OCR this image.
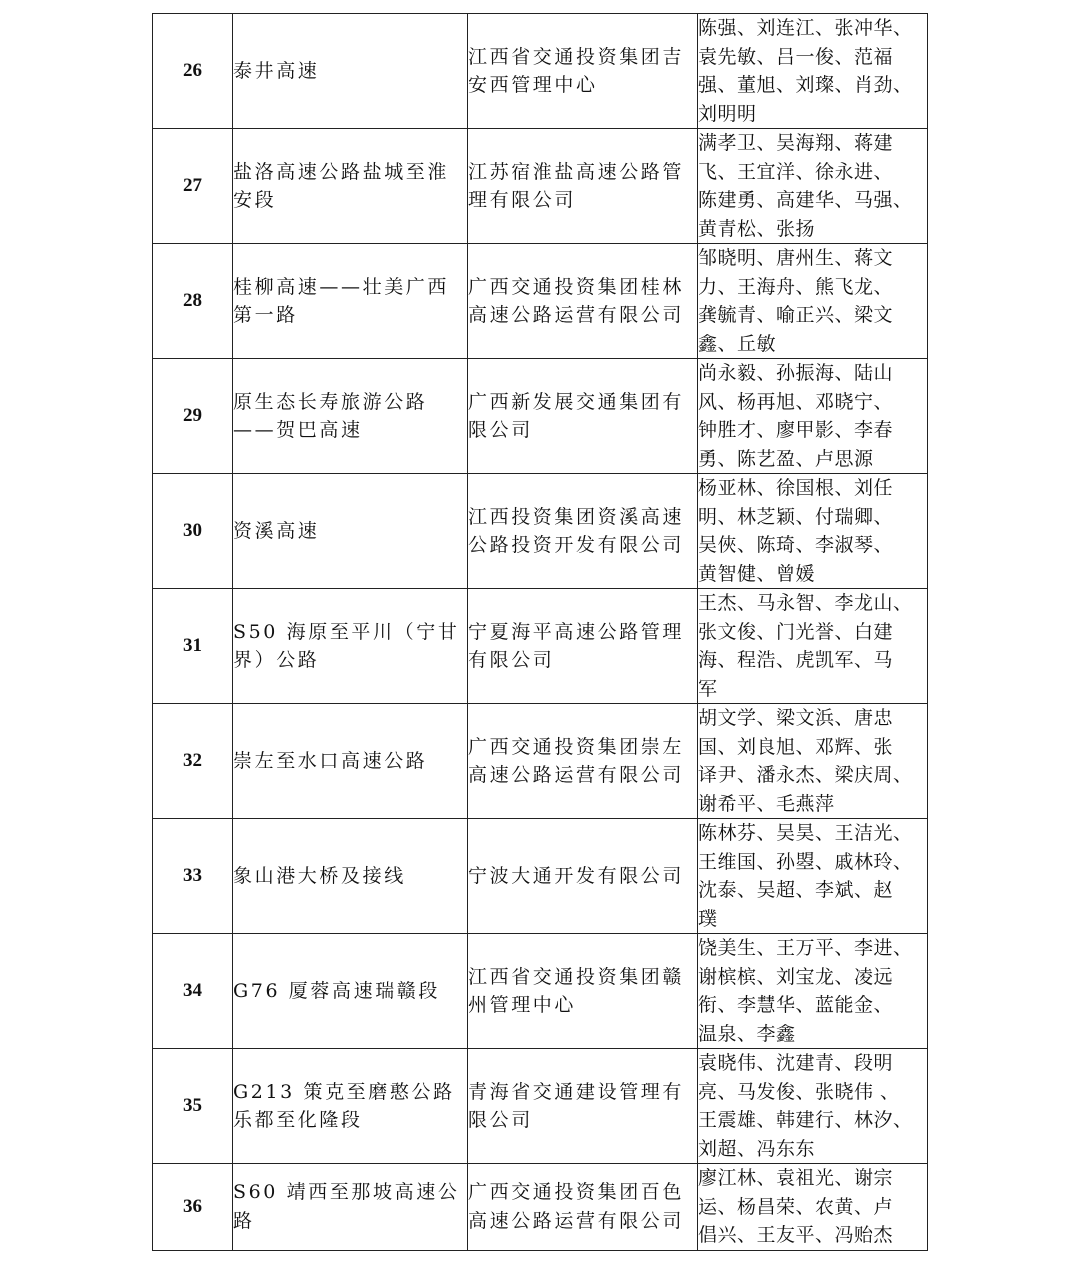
26	泰井高速	江西省交通投资集团吉安西管理中心	陈强、刘连江、张冲华、
袁先敏、吕一俊、范福
强、董旭、刘璨、肖劲、
刘明明

27	盐洛高速公路盐城至淮安段	江苏宿淮盐高速公路管理有限公司	满孝卫、吴海翔、蒋建
飞、王宜洋、徐永进、
陈建勇、高建华、马强、
黄青松、张扬

28	桂柳高速——壮美广西第一路	广西交通投资集团桂林高速公路运营有限公司	邹晓明、唐州生、蒋文
力、王海舟、熊飞龙、
龚毓青、喻正兴、梁文
鑫、丘敏

29	原生态长寿旅游公路——贺巴高速	广西新发展交通集团有限公司	尚永毅、孙振海、陆山
风、杨再旭、邓晓宁、
钟胜才、廖甲影、李春
勇、陈艺盈、卢思源

30	资溪高速	江西投资集团资溪高速公路投资开发有限公司	杨亚林、徐国根、刘任
明、林芝颖、付瑞卿、
吴俠、陈琦、李淑琴、
黄智健、曾媛

31	S50 海原至平川（宁甘界）公路	宁夏海平高速公路管理有限公司	王杰、马永智、李龙山、
张文俊、门光誉、白建
海、程浩、虎凯军、马
军

32	崇左至水口高速公路	广西交通投资集团崇左高速公路运营有限公司	胡文学、梁文浜、唐忠
国、刘良旭、邓辉、张
译尹、潘永杰、梁庆周、
谢希平、毛燕萍

33	象山港大桥及接线	宁波大通开发有限公司	陈林芬、吴昊、王洁光、
王维国、孙曌、戚林玲、
沈泰、吴超、李斌、赵
璞

34	G76 厦蓉高速瑞赣段	江西省交通投资集团赣州管理中心	饶美生、王万平、李进、
谢槟槟、刘宝龙、凌远
衔、李慧华、蓝能金、
温泉、李鑫

35	G213 策克至磨憨公路乐都至化隆段	青海省交通建设管理有限公司	袁晓伟、沈建青、段明
亮、马发俊、张晓伟 、
王震雄、韩建行、林汐、
刘超、冯东东

36	S60 靖西至那坡高速公路	广西交通投资集团百色高速公路运营有限公司	廖江林、袁祖光、谢宗
运、杨昌荣、农黄、卢
倡兴、王友平、冯贻杰
